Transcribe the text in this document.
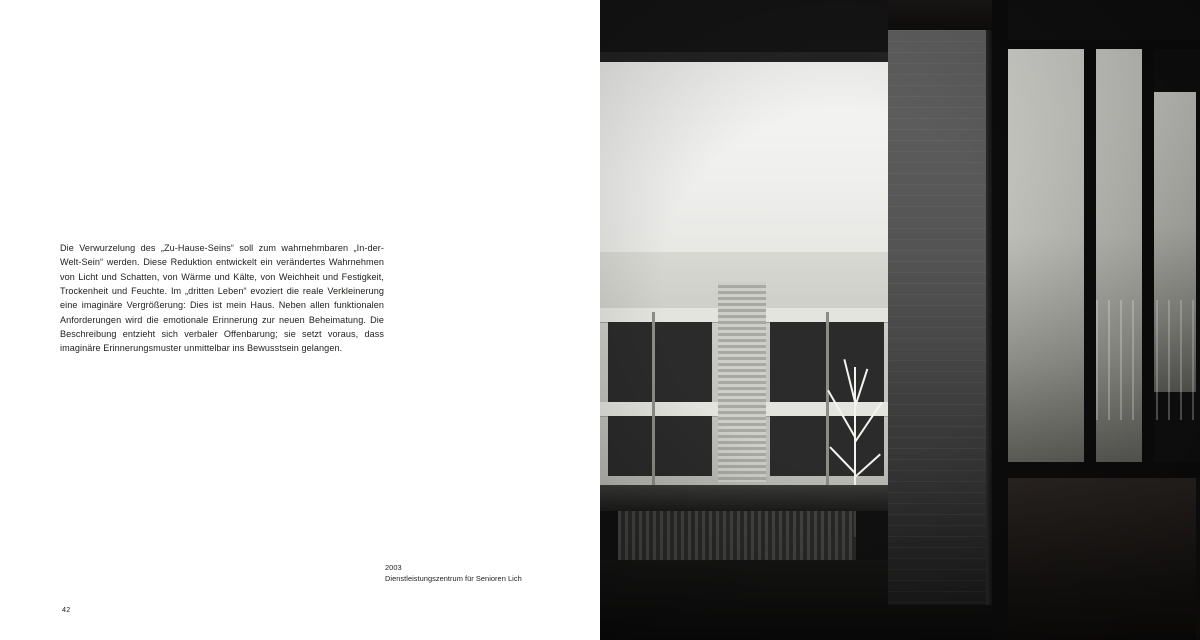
Die Verwurzelung des „Zu-Hause-Seins“ soll zum wahrnehmbaren „In-der-Welt-Sein“ werden. Diese Reduktion entwickelt ein verändertes Wahrnehmen von Licht und Schatten, von Wärme und Kälte, von Weichheit und Festigkeit, Trockenheit und Feuchte. Im „dritten Leben“ evoziert die reale Verkleinerung eine imaginäre Vergrößerung: Dies ist mein Haus. Neben allen funktionalen Anforderungen wird die emotionale Erinnerung zur neuen Beheimatung. Die Beschreibung entzieht sich verbaler Offenbarung; sie setzt voraus, dass imaginäre Erinnerungsmuster unmittelbar ins Bewusstsein gelangen.

2003
Dienstleistungszentrum für Senioren Lich
42
